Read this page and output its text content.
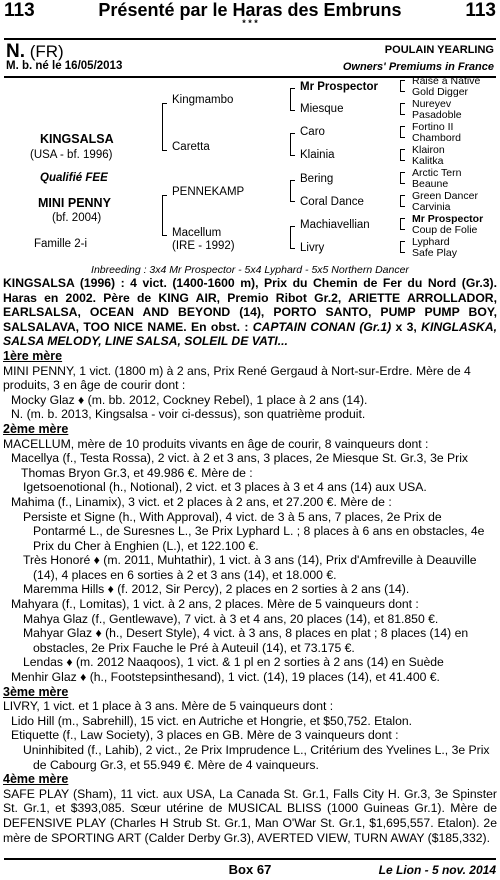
113	Présenté par le Haras des Embruns	113
* * *
N. (FR)	POULAIN YEARLING
M. b. né le 16/05/2013	Owners' Premiums in France
KINGSALSA
(USA - bf. 1996)
Qualifié FEE
MINI PENNY
(bf. 2004)
Famille 2-i
Kingmambo
Caretta
PENNEKAMP
Macellum
(IRE - 1992)
Mr Prospector
Miesque
Caro
Klainia
Bering
Coral Dance
Machiavellian
Livry
Raise a Native
Gold Digger
Nureyev
Pasadoble
Fortino II
Chambord
Klairon
Kalitka
Arctic Tern
Beaune
Green Dancer
Carvinia
Mr Prospector
Coup de Folie
Lyphard
Safe Play
Inbreeding : 3x4 Mr Prospector - 5x4 Lyphard - 5x5 Northern Dancer

KINGSALSA (1996) : 4 vict. (1400-1600 m), Prix du Chemin de Fer du Nord (Gr.3). Haras en 2002. Père de KING AIR, Premio Ribot Gr.2, ARIETTE ARROLLADOR, EARLSALSA, OCEAN AND BEYOND (14), PORTO SANTO, PUMP PUMP BOY, SALSALAVA, TOO NICE NAME. En obst. : CAPTAIN CONAN (Gr.1) x 3, KINGLASKA, SALSA MELODY, LINE SALSA, SOLEIL DE VATI...

1ère mère

MINI PENNY, 1 vict. (1800 m) à 2 ans, Prix René Gergaud à Nort-sur-Erdre. Mère de 4 produits, 3 en âge de courir dont :

Mocky Glaz ♦ (m. bb. 2012, Cockney Rebel), 1 place à 2 ans (14).

N. (m. b. 2013, Kingsalsa - voir ci-dessus), son quatrième produit.

2ème mère

MACELLUM, mère de 10 produits vivants en âge de courir, 8 vainqueurs dont :

Macellya (f., Testa Rossa), 2 vict. à 2 et 3 ans, 3 places, 2e Miesque St. Gr.3, 3e Prix Thomas Bryon Gr.3, et 49.986 €. Mère de :

Igetsoenotional (h., Notional), 2 vict. et 3 places à 3 et 4 ans (14) aux USA.

Mahima (f., Linamix), 3 vict. et 2 places à 2 ans, et 27.200 €. Mère de :

Persiste et Signe (h., With Approval), 4 vict. de 3 à 5 ans, 7 places, 2e Prix de Pontarmé L., de Suresnes L., 3e Prix Lyphard L. ; 8 places à 6 ans en obstacles, 4e Prix du Cher à Enghien (L.), et 122.100 €.

Très Honoré ♦ (m. 2011, Muhtathir), 1 vict. à 3 ans (14), Prix d'Amfreville à Deauville (14), 4 places en 6 sorties à 2 et 3 ans (14), et 18.000 €.

Maremma Hills ♦ (f. 2012, Sir Percy), 2 places en 2 sorties à 2 ans (14).

Mahyara (f., Lomitas), 1 vict. à 2 ans, 2 places. Mère de 5 vainqueurs dont :

Mahya Glaz (f., Gentlewave), 7 vict. à 3 et 4 ans, 20 places (14), et 81.850 €.

Mahyar Glaz ♦ (h., Desert Style), 4 vict. à 3 ans, 8 places en plat ; 8 places (14) en obstacles, 2e Prix Fauche le Pré à Auteuil (14), et 73.175 €.

Lendas ♦ (m. 2012 Naaqoos), 1 vict. & 1 pl en 2 sorties à 2 ans (14) en Suède

Menhir Glaz ♦ (h., Footstepsinthesand), 1 vict. (14), 19 places (14), et 41.400 €.

3ème mère

LIVRY, 1 vict. et 1 place à 3 ans. Mère de 5 vainqueurs dont :

Lido Hill (m., Sabrehill), 15 vict. en Autriche et Hongrie, et $50,752. Etalon.

Etiquette (f., Law Society), 3 places en GB. Mère de 3 vainqueurs dont :

Uninhibited (f., Lahib), 2 vict., 2e Prix Imprudence L., Critérium des Yvelines L., 3e Prix de Cabourg Gr.3, et 55.949 €. Mère de 4 vainqueurs.

4ème mère

SAFE PLAY (Sham), 11 vict. aux USA, La Canada St. Gr.1, Falls City H. Gr.3, 3e Spinster St. Gr.1, et $393,085. Sœur utérine de MUSICAL BLISS (1000 Guineas Gr.1). Mère de DEFENSIVE PLAY (Charles H Strub St. Gr.1, Man O'War St. Gr.1, $1,695,557. Etalon). 2e mère de SPORTING ART (Calder Derby Gr.3), AVERTED VIEW, TURN AWAY ($185,332).

Box 67	Le Lion - 5 nov. 2014
